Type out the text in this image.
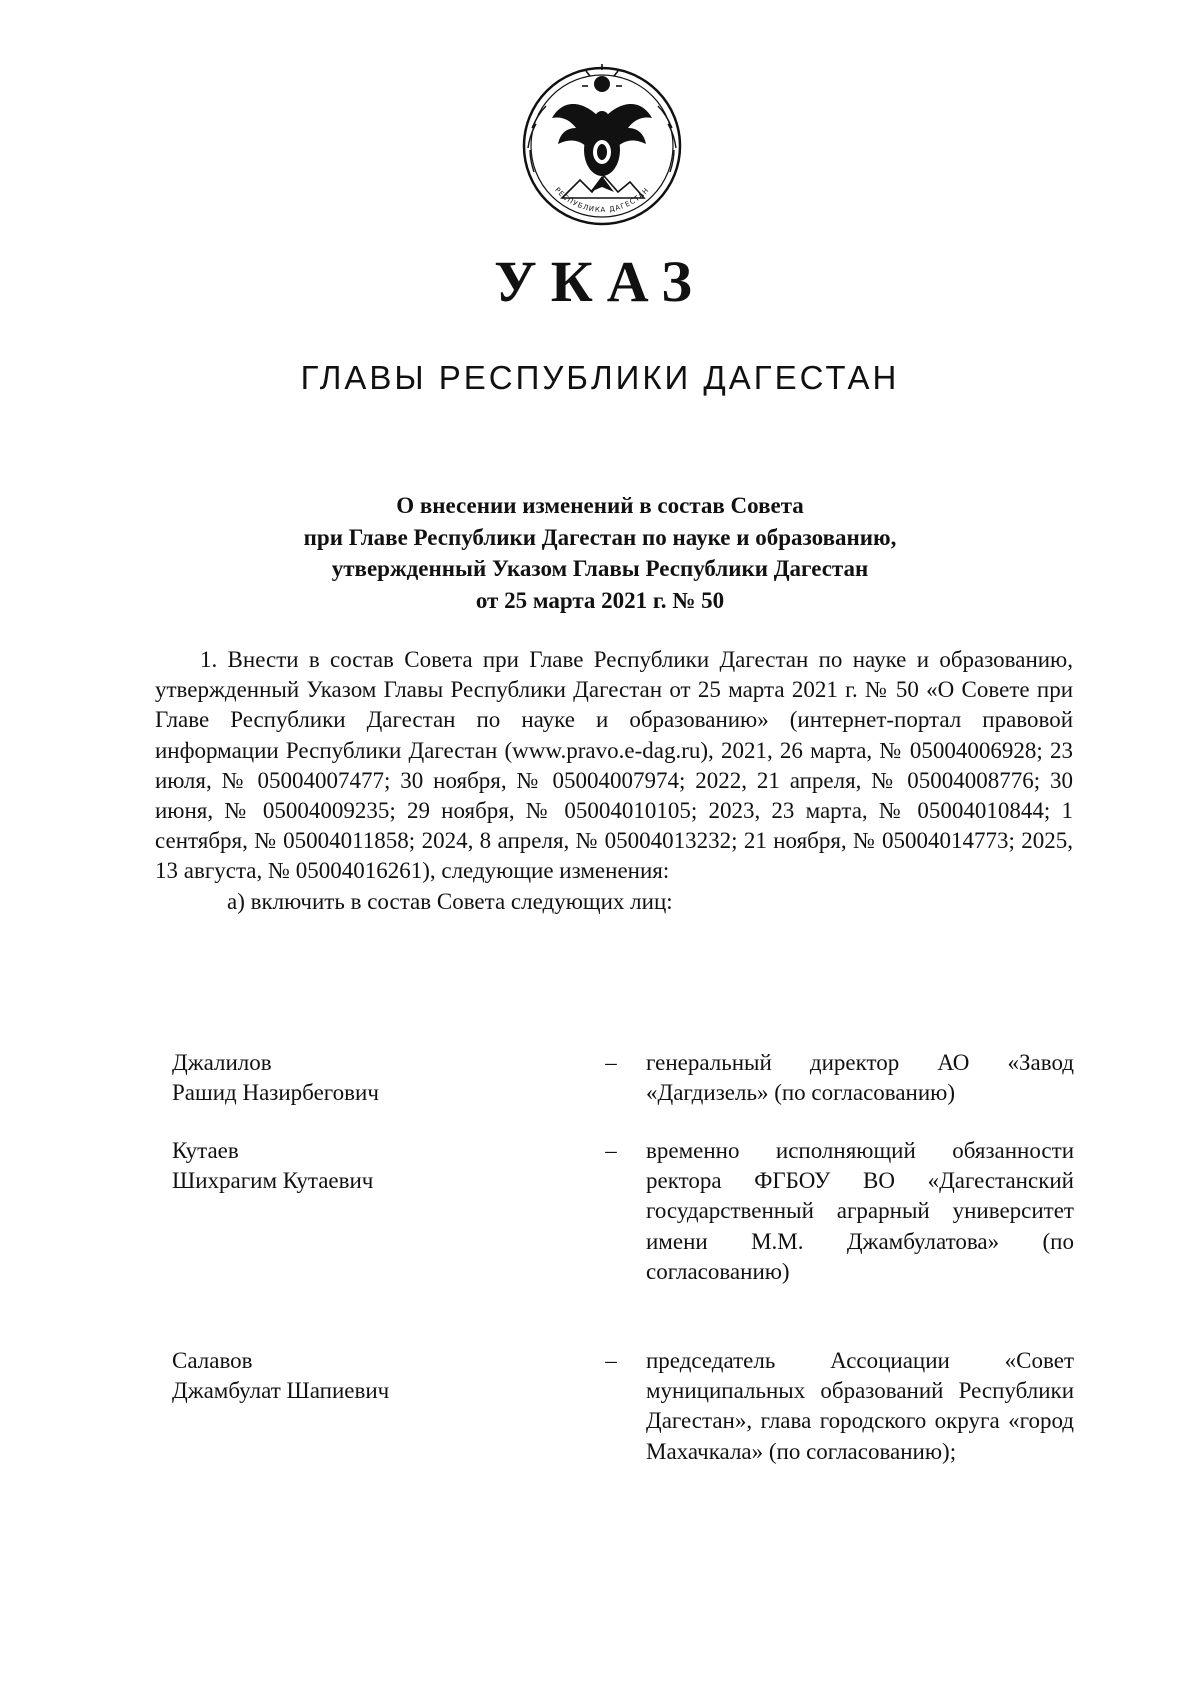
РЕСПУБЛИКА ДАГЕСТАН
УКАЗ
ГЛАВЫ РЕСПУБЛИКИ ДАГЕСТАН
О внесении изменений в состав Совета
при Главе Республики Дагестан по науке и образованию,
утвержденный Указом Главы Республики Дагестан
от 25 марта 2021 г. № 50

1. Внести в состав Совета при Главе Республики Дагестан по науке и образованию, утвержденный Указом Главы Республики Дагестан от 25 марта 2021 г. № 50 «О Совете при Главе Республики Дагестан по науке и образованию» (интернет-портал правовой информации Республики Дагестан (www.pravo.e-dag.ru), 2021, 26 марта, № 05004006928; 23 июля, № 05004007477; 30 ноября, № 05004007974; 2022, 21 апреля, № 05004008776; 30 июня, № 05004009235; 29 ноября, № 05004010105; 2023, 23 марта, № 05004010844; 1 сентября, № 05004011858; 2024, 8 апреля, № 05004013232; 21 ноября, № 05004014773; 2025, 13 августа, № 05004016261), следующие изменения:

а) включить в состав Совета следующих лиц:

Джалилов
Рашид Назирбегович
–	генеральный директор АО «Завод «Дагдизель» (по согласованию)
Кутаев
Шихрагим Кутаевич
–	временно исполняющий обязанности ректора ФГБОУ ВО «Дагестанский государственный аграрный университет имени М.М. Джамбулатова» (по согласованию)
Салавов
Джамбулат Шапиевич
–	председатель Ассоциации «Совет муниципальных образований Республики Дагестан», глава городского округа «город Махачкала» (по согласованию);
